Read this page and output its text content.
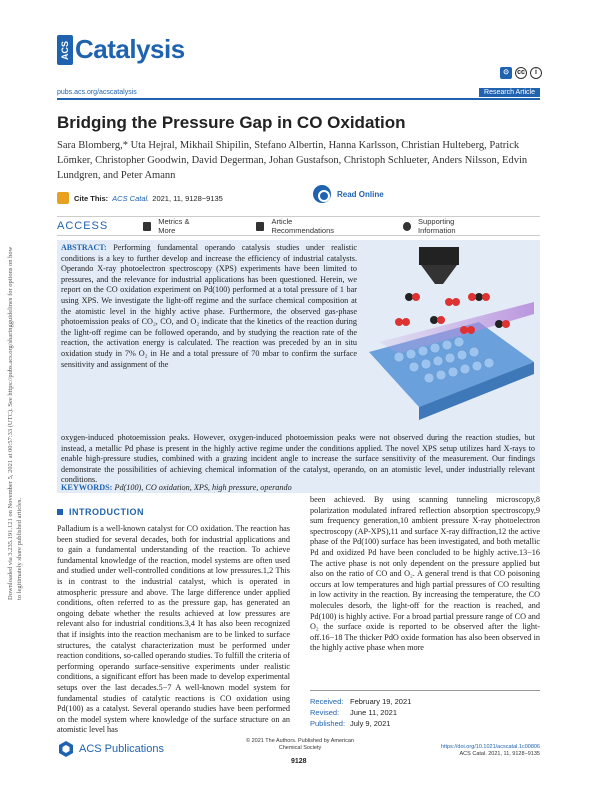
ACS Catalysis
⊙	cc	i
pubs.acs.org/acscatalysis	Research Article
Bridging the Pressure Gap in CO Oxidation
Sara Blomberg,* Uta Hejral, Mikhail Shipilin, Stefano Albertin, Hanna Karlsson, Christian Hulteberg, Patrick Lömker, Christopher Goodwin, David Degerman, Johan Gustafson, Christoph Schlueter, Anders Nilsson, Edvin Lundgren, and Peter Amann
Cite This: ACS Catal. 2021, 11, 9128−9135	Read Online
ACCESS	Metrics & More
Article Recommendations
Supporting Information
ABSTRACT: Performing fundamental operando catalysis studies under realistic conditions is a key to further develop and increase the efficiency of industrial catalysts. Operando X-ray photoelectron spectroscopy (XPS) experiments have been limited to pressures, and the relevance for industrial applications has been questioned. Herein, we report on the CO oxidation experiment on Pd(100) performed at a total pressure of 1 bar using XPS. We investigate the light-off regime and the surface chemical composition at the atomistic level in the highly active phase. Furthermore, the observed gas-phase photoemission peaks of CO₂, CO, and O₂ indicate that the kinetics of the reaction during the light-off regime can be followed operando, and by studying the reaction rate of the reaction, the activation energy is calculated. The reaction was preceded by an in situ oxidation study in 7% O₂ in He and a total pressure of 70 mbar to confirm the surface sensitivity and assignment of the
oxygen-induced photoemission peaks. However, oxygen-induced photoemission peaks were not observed during the reaction studies, but instead, a metallic Pd phase is present in the highly active regime under the conditions applied. The novel XPS setup utilizes hard X-rays to enable high-pressure studies, combined with a grazing incident angle to increase the surface sensitivity of the measurement. Our findings demonstrate the possibilities of achieving chemical information of the catalyst, operando, on an atomistic level, under industrially relevant conditions.
KEYWORDS: Pd(100), CO oxidation, XPS, high pressure, operando
Downloaded via 3.235.191.121 on November 5, 2021 at 00:57:33 (UTC). See https://pubs.acs.org/sharingguidelines for options on how to legitimately share published articles.	INTRODUCTION
Palladium is a well-known catalyst for CO oxidation. The reaction has been studied for several decades, both for industrial applications and to gain a fundamental understanding of the reaction. To achieve fundamental knowledge of the reaction, model systems are often used and studied under well-controlled conditions at low pressures.1,2 This is in contrast to the industrial catalyst, which is operated in atmospheric pressure and above. The large difference under applied conditions, often referred to as the pressure gap, has generated an ongoing debate whether the results achieved at low pressures are relevant also for industrial conditions.3,4 It has also been recognized that if insights into the reaction mechanism are to be linked to surface structures, the catalyst characterization must be performed under reaction conditions, so-called operando studies. To fulfill the criteria of performing operando surface-sensitive experiments under realistic conditions, a significant effort has been made to develop experimental setups over the last decades.5−7 A well-known model system for fundamental studies of catalytic reactions is CO oxidation using Pd(100) as a catalyst. Several operando studies have been performed on the model system where knowledge of the surface structure on an atomistic level has
been achieved. By using scanning tunneling microscopy,8 polarization modulated infrared reflection absorption spectroscopy,9 sum frequency generation,10 ambient pressure X-ray photoelectron spectroscopy (AP-XPS),11 and surface X-ray diffraction,12 the active phase of the Pd(100) surface has been investigated, and both metallic Pd and oxidized Pd have been concluded to be highly active.13−16 The active phase is not only dependent on the pressure applied but also on the ratio of CO and O₂. A general trend is that CO poisoning occurs at low temperatures and high partial pressures of CO resulting in low activity in the reaction. By increasing the temperature, the CO molecules desorb, the light-off for the reaction is reached, and Pd(100) is highly active. For a broad partial pressure range of CO and O₂ the surface oxide is reported to be observed after the light-off.16−18 The thicker PdO oxide formation has also been observed in the highly active phase when more
Received: February 19, 2021
Revised: June 11, 2021
Published: July 9, 2021
ACS Publications
© 2021 The Authors. Published by American Chemical Society
9128
https://doi.org/10.1021/acscatal.1c00806
ACS Catal. 2021, 11, 9128−9135
